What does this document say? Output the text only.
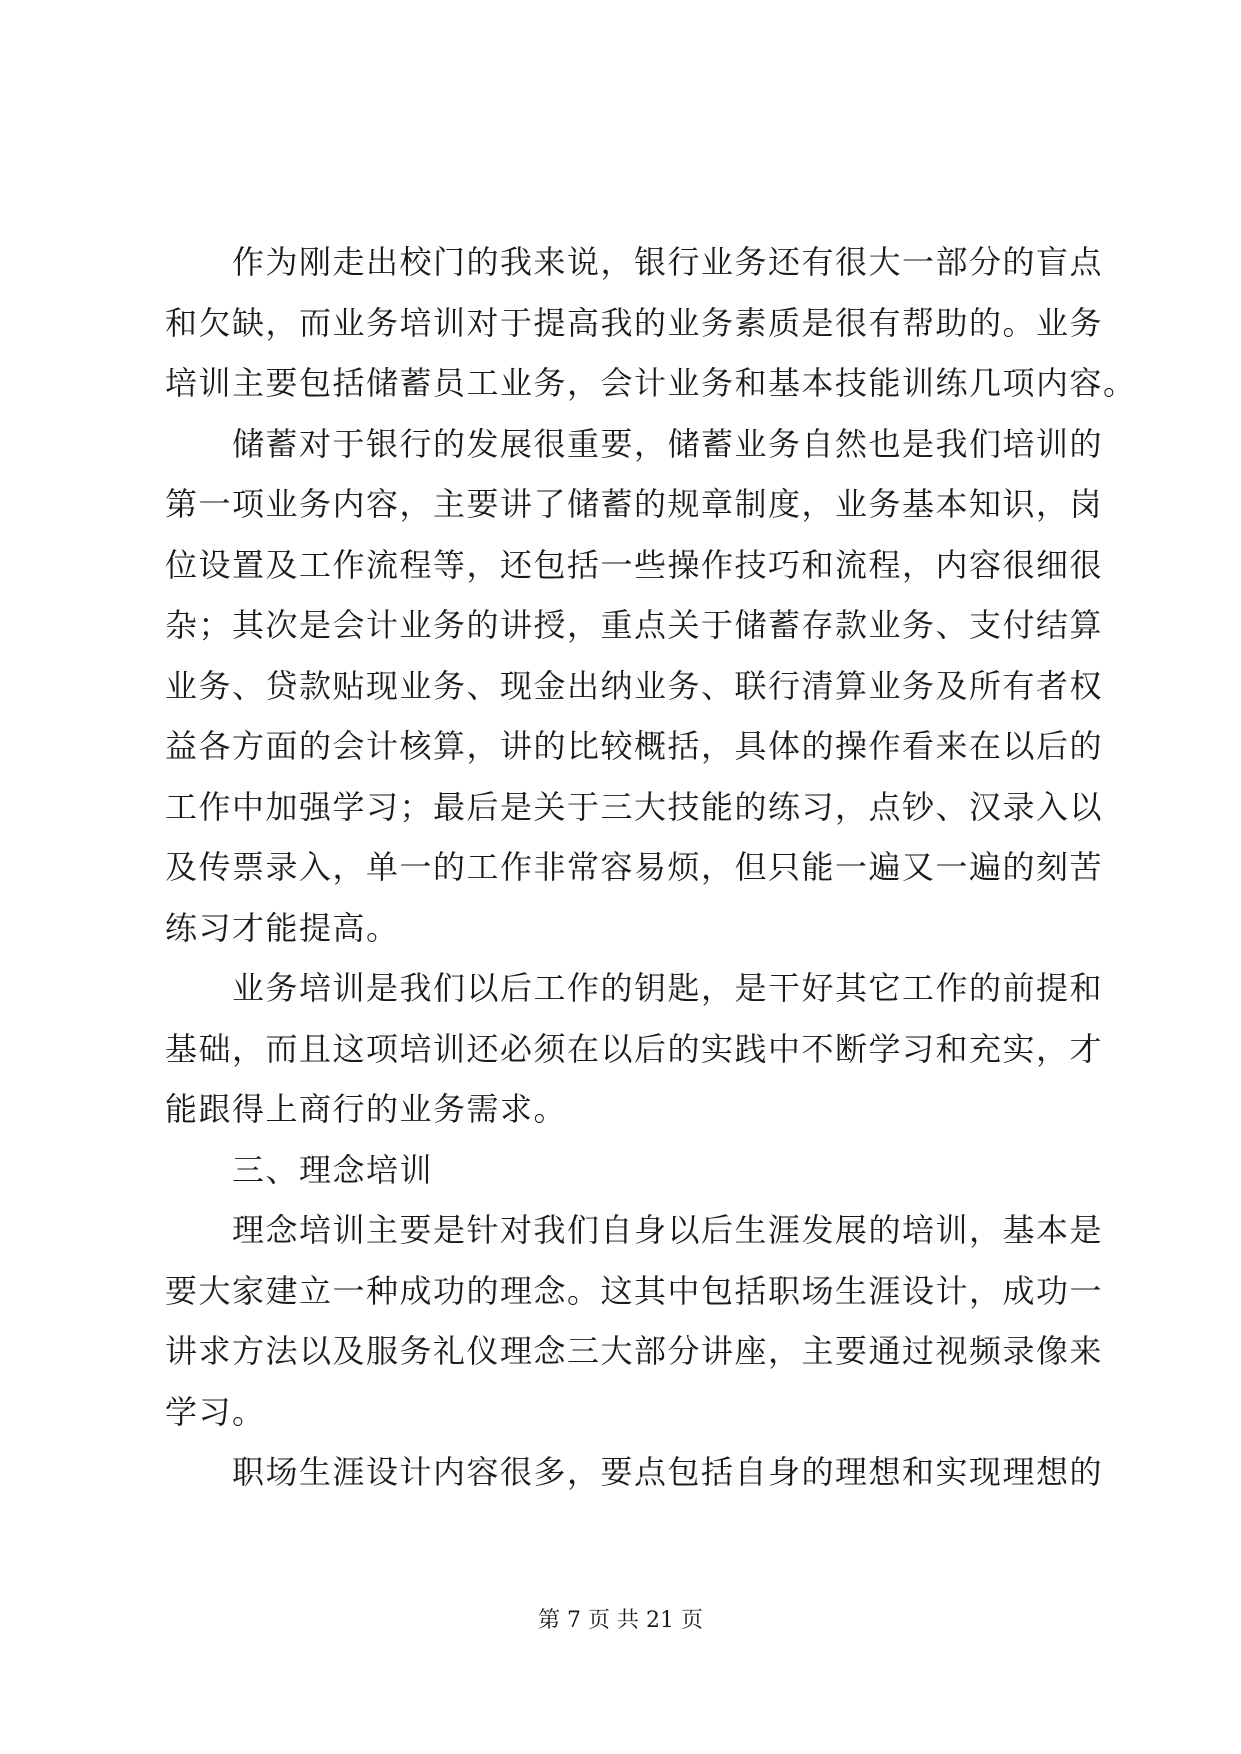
作为刚走出校门的我来说，银行业务还有很大一部分的盲点
和欠缺，而业务培训对于提高我的业务素质是很有帮助的。业务
培训主要包括储蓄员工业务，会计业务和基本技能训练几项内容。
储蓄对于银行的发展很重要，储蓄业务自然也是我们培训的
第一项业务内容，主要讲了储蓄的规章制度，业务基本知识，岗
位设置及工作流程等，还包括一些操作技巧和流程，内容很细很
杂；其次是会计业务的讲授，重点关于储蓄存款业务、支付结算
业务、贷款贴现业务、现金出纳业务、联行清算业务及所有者权
益各方面的会计核算，讲的比较概括，具体的操作看来在以后的
工作中加强学习；最后是关于三大技能的练习，点钞、汉录入以
及传票录入，单一的工作非常容易烦，但只能一遍又一遍的刻苦
练习才能提高。
业务培训是我们以后工作的钥匙，是干好其它工作的前提和
基础，而且这项培训还必须在以后的实践中不断学习和充实，才
能跟得上商行的业务需求。
三、理念培训
理念培训主要是针对我们自身以后生涯发展的培训，基本是
要大家建立一种成功的理念。这其中包括职场生涯设计，成功一
讲求方法以及服务礼仪理念三大部分讲座，主要通过视频录像来
学习。
职场生涯设计内容很多，要点包括自身的理想和实现理想的
第 7 页 共 21 页
